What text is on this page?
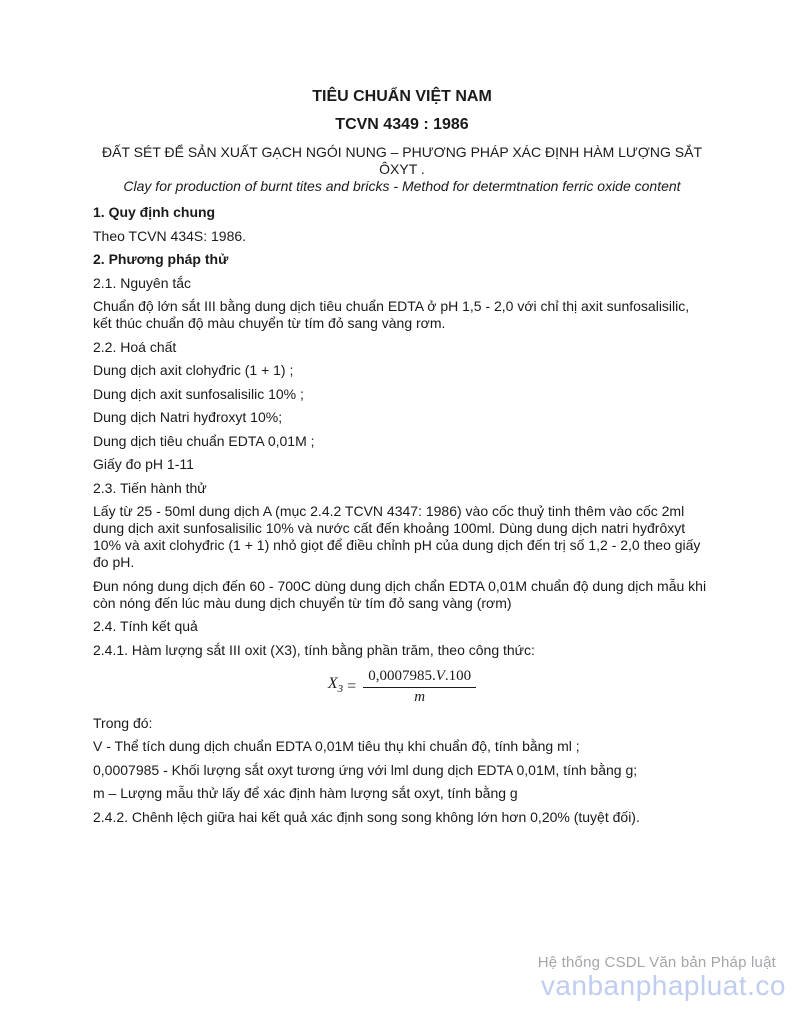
TIÊU CHUẨN VIỆT NAM

TCVN 4349 : 1986

ĐẤT SÉT ĐỂ SẢN XUẤT GẠCH NGÓI NUNG – PHƯƠNG PHÁP XÁC ĐỊNH HÀM LƯỢNG SẮT ÔXYT .

Clay for production of burnt tites and bricks - Method for determtnation ferric oxide content

1. Quy định chung

Theo TCVN 434S: 1986.

2. Phương pháp thử

2.1. Nguyên tắc

Chuẩn độ lớn sắt III bằng dung dịch tiêu chuẩn EDTA ở pH 1,5 - 2,0 với chỉ thị axit sunfosalisilic, kết thúc chuẩn độ màu chuyển từ tím đỏ sang vàng rơm.

2.2. Hoá chất

Dung dịch axit clohyđric (1 + 1) ;

Dung dịch axit sunfosalisilic 10% ;

Dung dịch Natri hyđroxyt 10%;

Dung dịch tiêu chuẩn EDTA 0,01M ;

Giấy đo pH 1-11

2.3. Tiến hành thử

Lấy từ 25 - 50ml dung dịch A (mục 2.4.2 TCVN 4347: 1986) vào cốc thuỷ tinh thêm vào cốc 2ml dung dịch axit sunfosalisilic 10% và nước cất đến khoảng 100ml. Dùng dung dịch natri hyđrôxyt 10% và axit clohyđric (1 + 1) nhỏ giọt để điều chỉnh pH của dung dịch đến trị số 1,2 - 2,0 theo giấy đo pH.

Đun nóng dung dịch đến 60 - 700C dùng dung dịch chẩn EDTA 0,01M chuẩn độ dung dịch mẫu khi còn nóng đến lúc màu dung dịch chuyển từ tím đỏ sang vàng (rơm)

2.4. Tính kết quả

2.4.1. Hàm lượng sắt III oxit (X3), tính bằng phần trăm, theo công thức:

$X_3 = \frac{0,0007985.V.100}{m}$

Trong đó:

V - Thể tích dung dịch chuẩn EDTA 0,01M tiêu thụ khi chuẩn độ, tính bằng ml ;

0,0007985 - Khối lượng sắt oxyt tương ứng với lml dung dịch EDTA 0,01M, tính bằng g;

m – Lượng mẫu thử lấy để xác định hàm lượng sắt oxyt, tính bằng g

2.4.2. Chênh lệch giữa hai kết quả xác định song song không lớn hơn 0,20% (tuyệt đối).

Hệ thống CSDL Văn bản Pháp luật
vanbanphapluat.co
